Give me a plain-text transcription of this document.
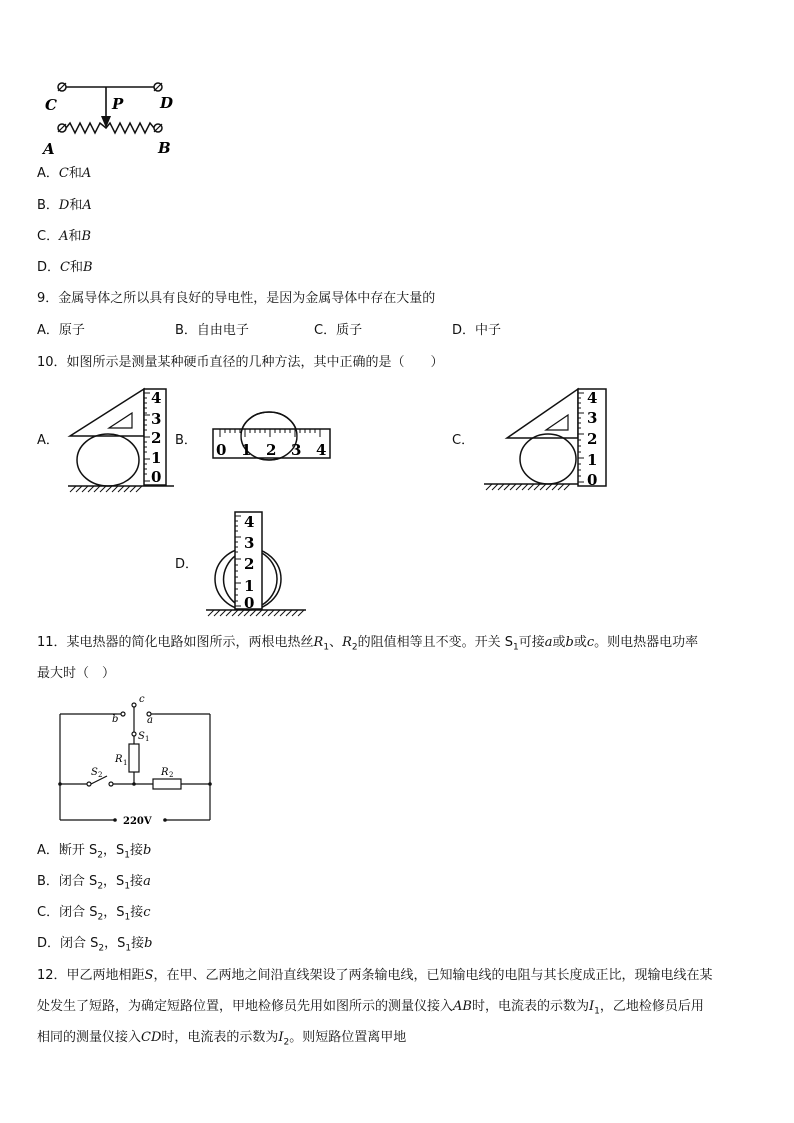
C	D
P
A	B
A．C和A
B．D和A
C．A和B
D．C和B
9．金属导体之所以具有良好的导电性，是因为金属导体中存在大量的
A．原子	B．自由电子	C．质子	D．中子
10．如图所示是测量某种硬币直径的几种方法，其中正确的是（　　）
A．	B．	C．
D．
4
3
2
1
0
0 1 2 3 4
4
3
2
1
0
4
3
2
1
0
11．某电热器的简化电路如图所示，两根电热丝$R_1$、$R_2$的阻值相等且不变。开关 $S_1$可接a或b或c。则电热器电功率
最大时（　）
c
b	a
S 1
R 1
S 2	R 2
220V
A．断开 $S_2$，$S_1$接b
B．闭合 $S_2$，$S_1$接a
C．闭合 $S_2$，$S_1$接c
D．闭合 $S_2$，$S_1$接b
12．甲乙两地相距S，在甲、乙两地之间沿直线架设了两条输电线，已知输电线的电阻与其长度成正比，现输电线在某
处发生了短路，为确定短路位置，甲地检修员先用如图所示的测量仪接入AB时，电流表的示数为$I_1$，乙地检修员后用
相同的测量仪接入CD时，电流表的示数为$I_2$。则短路位置离甲地
